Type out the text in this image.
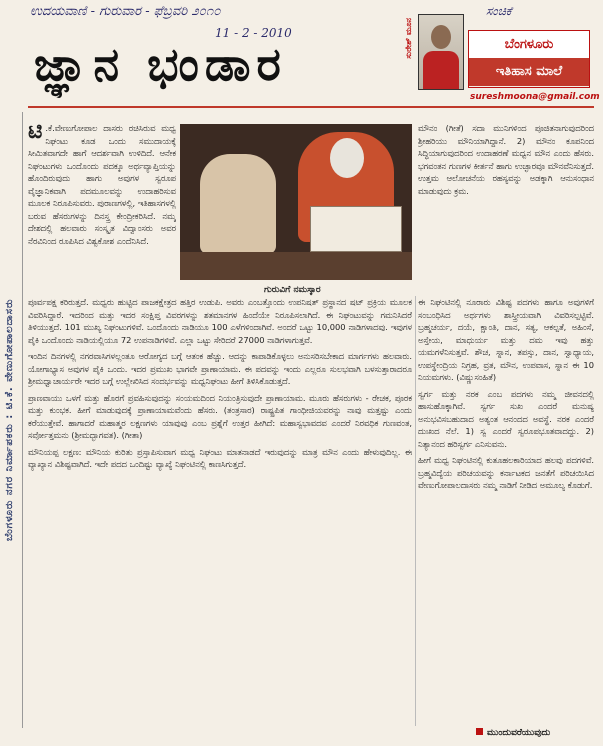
ಉದಯವಾಣಿ - ಗುರುವಾರ - ಫೆಬ್ರವರಿ ೨೦೧೦
11 - 2 - 2010
ಜ್ಞಾನ ಭಂಡಾರ	ಸುರೇಶ್ ಮೂನ
ಸಂಚಿಕೆ
ಬೆಂಗಳೂರು
ಇತಿಹಾಸ ಮಾಲೆ
sureshmoona@gmail.com
ಬೆಂಗಳೂರು ನಗರ ನಿರ್ಮಾಪಕರು : ಟಿ.ಕೆ. ವೇಣುಗೋಪಾಲದಾಸರು
ಟಿ .ಕೆ.ವೇಣುಗೋಪಾಲ ದಾಸರು ರಚಿಸಿರುವ ಮಧ್ವ ನಿಘಂಟು ಕೂಡ ಒಂದು ಸಮುದಾಯಕ್ಕೆ ಸೀಮಿತವಾಗದೇ ಹಾಗೆ ಆದರ್ಶವಾಗಿ ಉಳಿದಿದೆ. ಆನೇಕ ನಿಘಂಟುಗಳು ಒಂದೊಂದು ಪದಕ್ಕೂ ಅರ್ಥವ್ಯಾಪ್ತಿಯನ್ನು ಹೊಂದಿರುವುದು ಹಾಗು ಅವುಗಳ ಸ್ವರೂಪ ವೈಜ್ಞಾನಿಕವಾಗಿ ಪದಮೂಲವನ್ನು ಉದಾಹರಿಸುವ ಮೂಲಕ ನಿರೂಪಿಸುವರು. ಪುರಾಣಗಳಲ್ಲಿ, ಇತಿಹಾಸಗಳಲ್ಲಿ ಬರುವ ಹೆಸರುಗಳನ್ನು ದಿನಸ್ತ್ರ ಕೇಂದ್ರೀಕರಿಸಿದೆ. ನಮ್ಮ ದೇಶದಲ್ಲಿ ಹಲವಾರು ಸಂಸ್ಕೃತ ವಿದ್ವಾಂಸರು ಅವರ ನೆರವಿನಿಂದ ರೂಪಿಸಿದ ವಿಶ್ವಕೋಶ ಎಂದೆನಿಸಿದೆ.
ಗುರುವಿಗೆ ನಮಸ್ಕಾರ
ಮೌನಂ (ಗೀತೆ) ಸದಾ ಮುನಿಗಳಿಂದ ಪೂಜಿತನಾಗುವುದರಿಂದ ಶ್ರೀಹರಿಯು ಮೌನಿಯಾಗಿದ್ದಾನೆ. 2) ಮೌನಂ ಕೂಪನಿಂದ ಸಿದ್ಧಿಯಾಗುವುದರಿಂದ ಉದಾಹರಣೆ ಮಧ್ವನ ಮೌನ ಎಂದು ಹೆಸರು. ಭಗವಂತನ ಗುಣಗಳ ಕೀರ್ತನೆ ಹಾಗು ಉಚ್ಛಾರವೂ ಮೌನವೆನಿಸುತ್ತದೆ. ಉತ್ತಮ ಆಲೋಚನೆಯ ರಹಸ್ಯವನ್ನು ಅಡಕ್ಕಾಗಿ ಆನುಸಂಧಾನ ಮಾಡುವುದು ಕ್ರಮ.

ಪೂರ್ವಪಕ್ಷ ಕರಿರುತ್ತದೆ. ಮಧ್ವರು ಹುಟ್ಟಿದ ಪಾಜಕಕ್ಷೇತ್ರದ ಹತ್ತಿರ ಉಡುಪಿ. ಅವರು ಎಂಬತ್ತೊಂದು ಉಪನಿಷತ್ ಪ್ರಸ್ಥಾನದ ಷಟ್ ಪ್ರಕ್ರಿಯ ಮೂಲಕ ವಿವರಿಸಿದ್ದಾರೆ. ಇದರಿಂದ ಮತ್ತು ಇದರ ಸಂಕ್ಷಿಪ್ತ ವಿವರಗಳನ್ನು ಶತಮಾನಗಳ ಹಿಂದೆಯೇ ನಿರೂಪಿಸಲಾಗಿದೆ. ಈ ನಿಘಂಟುವನ್ನು ಗಮನಿಸಿದರೆ ತಿಳಿಯುತ್ತದೆ. 101 ಮುಖ್ಯ ನಿಘಂಟುಗಳಿವೆ. ಒಂದೊಂದು ನಾಡಿಯೂ 100 ಎಳೆಗಳಿಂದಾಗಿವೆ. ಅಂದರೆ ಒಟ್ಟು 10,000 ನಾಡಿಗಳಾದವು. ಇವುಗಳ ಪೈಕಿ ಒಂದೊಂದು ನಾಡಿಯಲ್ಲಿಯೂ 72 ಉಪನಾಡಿಗಳಿವೆ. ಎಲ್ಲಾ ಒಟ್ಟು ಸೇರಿದರೆ 27000 ನಾಡಿಗಳಾಗುತ್ತವೆ.

ಇಂದಿನ ದಿನಗಳಲ್ಲಿ ನಗರವಾಸಿಗಳಲ್ಲಂತೂ ಆರೋಗ್ಯದ ಬಗ್ಗೆ ಆತಂಕ ಹೆಚ್ಚು. ಆದನ್ನು ಕಾಪಾಡಿಕೊಳ್ಳಲು ಅನುಸರಿಸಬೇಕಾದ ಮಾರ್ಗಗಳು ಹಲವಾರು. ಯೋಗಾಭ್ಯಾಸ ಅವುಗಳ ಪೈಕಿ ಒಂದು. ಇದರ ಪ್ರಮುಖ ಭಾಗವೇ ಪ್ರಾಣಾಯಾಮ. ಈ ಪದವನ್ನು ಇಂದು ಎಲ್ಲರೂ ಸುಲಭವಾಗಿ ಬಳಸುತ್ತಾರಾದರೂ ಶ್ರೀಮಧ್ವಾಚಾರ್ಯರೇ ಇದರ ಬಗ್ಗೆ ಉಲ್ಲೇಖಿಸಿದ ಸಂದರ್ಭವನ್ನು ಮಧ್ವನಿಘಂಟು ಹೀಗೆ ತಿಳಿಸಿಕೊಡುತ್ತದೆ.

ಪ್ರಾಣವಾಯು ಒಳಗೆ ಮತ್ತು ಹೊರಗೆ ಪ್ರವಹಿಸುವುದನ್ನು ಸಂಯಮದಿಂದ ನಿಯಂತ್ರಿಸುವುದೇ ಪ್ರಾಣಾಯಾಮ. ಮೂರು ಹೆಸರುಗಳು - ರೇಚಕ, ಪೂರಕ ಮತ್ತು ಕುಂಭಕ. ಹೀಗೆ ಮಾಡುವುದಕ್ಕೆ ಪ್ರಾಣಾಯಾಮವೆಂದು ಹೆಸರು. (ತಂತ್ರಸಾರ) ರಾಷ್ಟ್ರಪಿತ ಗಾಂಧೀಜಿಯವರನ್ನು ನಾವು ಮತ್ತಷ್ಟು ಎಂದು ಕರೆಯುತ್ತೇವೆ. ಹಾಗಾದರೆ ಮಹಾತ್ಮರ ಲಕ್ಷಣಗಳು ಯಾವುವು ಎಂಬ ಪ್ರಶ್ನೆಗೆ ಉತ್ತರ ಹೀಗಿದೆ: ಮಹಾಸ್ವಭಾವದವ ಎಂದರೆ ನಿರವಧಿಕ ಗುಣವಂತ, ಸರ್ವೋತ್ತಮನು (ಶ್ರೀಮದ್ಭಾಗವತ). (ಗೀತಾ)

ಮೌನಿಯಪ್ಪ ಲಕ್ಷಣ: ಮೌನಿಯ ಕುರಿತು ಪ್ರಸ್ತಾಪಿಸುವಾಗ ಮಧ್ವ ನಿಘಂಟು ಮಾತನಾಡದೆ ಇರುವುದನ್ನು ಮಾತ್ರ ಮೌನ ಎಂದು ಹೇಳುವುದಿಲ್ಲ. ಈ ವ್ಯಾಖ್ಯಾನ ವಿಶಿಷ್ಟವಾಗಿದೆ. ಇದೇ ಪದದ ಒಂದಿಷ್ಟು ವ್ಯಾಖ್ಯೆ ನಿಘಂಟಿನಲ್ಲಿ ಕಾಣಸಿಗುತ್ತದೆ.

ಈ ನಿಘಂಟಿನಲ್ಲಿ ನೂರಾರು ವಿಶಿಷ್ಟ ಪದಗಳು ಹಾಗೂ ಅವುಗಳಿಗೆ ಸಂಬಂಧಿಸಿದ ಅರ್ಥಗಳು ಶಾಸ್ತ್ರೀಯವಾಗಿ ವಿವರಿಸಲ್ಪಟ್ಟಿವೆ. ಬ್ರಹ್ಮಚರ್ಯ, ದಯೆ, ಕ್ಷಾಂತಿ, ದಾನ, ಸತ್ಯ, ಆಕಲ್ಪತೆ, ಅಹಿಂಸೆ, ಅಸ್ತೇಯ, ಮಾಧುರ್ಯ ಮತ್ತು ದಮ ಇವು ಹತ್ತು ಯಮಗಳೆನಿಸುತ್ತವೆ. ಶೌಚ, ಸ್ನಾನ, ತಪಸ್ಸು, ದಾನ, ಸ್ವಾಧ್ಯಾಯ, ಉಪಸ್ಥೇಂದ್ರಿಯ ನಿಗ್ರಹ, ವ್ರತ, ಮೌನ, ಉಪವಾಸ, ಸ್ನಾನ ಈ 10 ನಿಯಮಗಳು. (ವಿಷ್ಣುಸಂಹಿತೆ)

ಸ್ವರ್ಗ ಮತ್ತು ನರಕ ಎಂಬ ಪದಗಳು ನಮ್ಮ ಜೀವನದಲ್ಲಿ ಹಾಸುಹೊಕ್ಕಾಗಿವೆ. ಸ್ವರ್ಗ ಸುಖ ಎಂದರೆ ಮನುಷ್ಯ ಅನುಭವಿಸಬಹುದಾದ ಅತ್ಯಂತ ಆನಂದದ ಅವಸ್ಥೆ. ನರಕ ಎಂದರೆ ದುಃಖದ ನೆಲೆ. 1) ಸ್ವ ಎಂದರೆ ಸ್ವರೂಪಭೂತವಾದದ್ದು. 2) ನಿತ್ಯಾನಂದ ಹರಿಸ್ವರ್ಗ ಎನಿಸುವನು.

ಹೀಗೆ ಮಧ್ವ ನಿಘಂಟಿನಲ್ಲಿ ಕುತೂಹಲಕಾರಿಯಾದ ಹಲವು ಪದಗಳಿವೆ. ಬ್ರಹ್ಮವಿದ್ಯೆಯ ಪರಿಚಯವನ್ನು ಕರ್ನಾಟಕದ ಜನತೆಗೆ ಪರಿಚಯಿಸಿದ ವೇಣುಗೋಪಾಲದಾಸರು ನಮ್ಮ ನಾಡಿಗೆ ನೀಡಿದ ಅಮೂಲ್ಯ ಕೊಡುಗೆ.

ಮುಂದುವರೆಯುವುದು
